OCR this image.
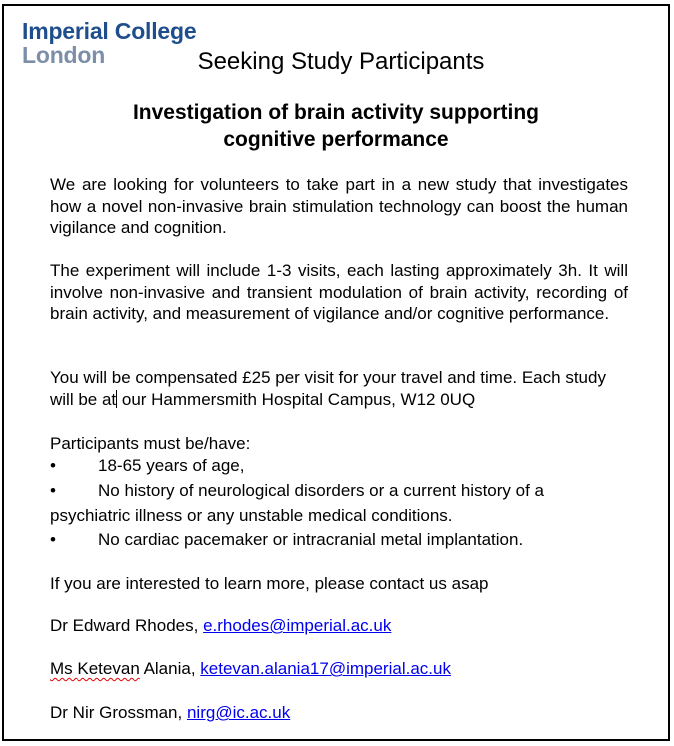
Imperial College
London	Seeking Study Participants
Investigation of brain activity supporting
cognitive performance
We are looking for volunteers to take part in a new study that investigates how a novel non-invasive brain stimulation technology can boost the human vigilance and cognition.
The experiment will include 1-3 visits, each lasting approximately 3h. It will involve non-invasive and transient modulation of brain activity, recording of brain activity, and measurement of vigilance and/or cognitive performance.
You will be compensated £25 per visit for your travel and time. Each study will be at our Hammersmith Hospital Campus, W12 0UQ
Participants must be/have:
• 18-65 years of age,
• No history of neurological disorders or a current history of a
psychiatric illness or any unstable medical conditions.
• No cardiac pacemaker or intracranial metal implantation.
If you are interested to learn more, please contact us asap
Dr Edward Rhodes, e.rhodes@imperial.ac.uk
Ms Ketevan Alania, ketevan.alania17@imperial.ac.uk
Dr Nir Grossman, nirg@ic.ac.uk
